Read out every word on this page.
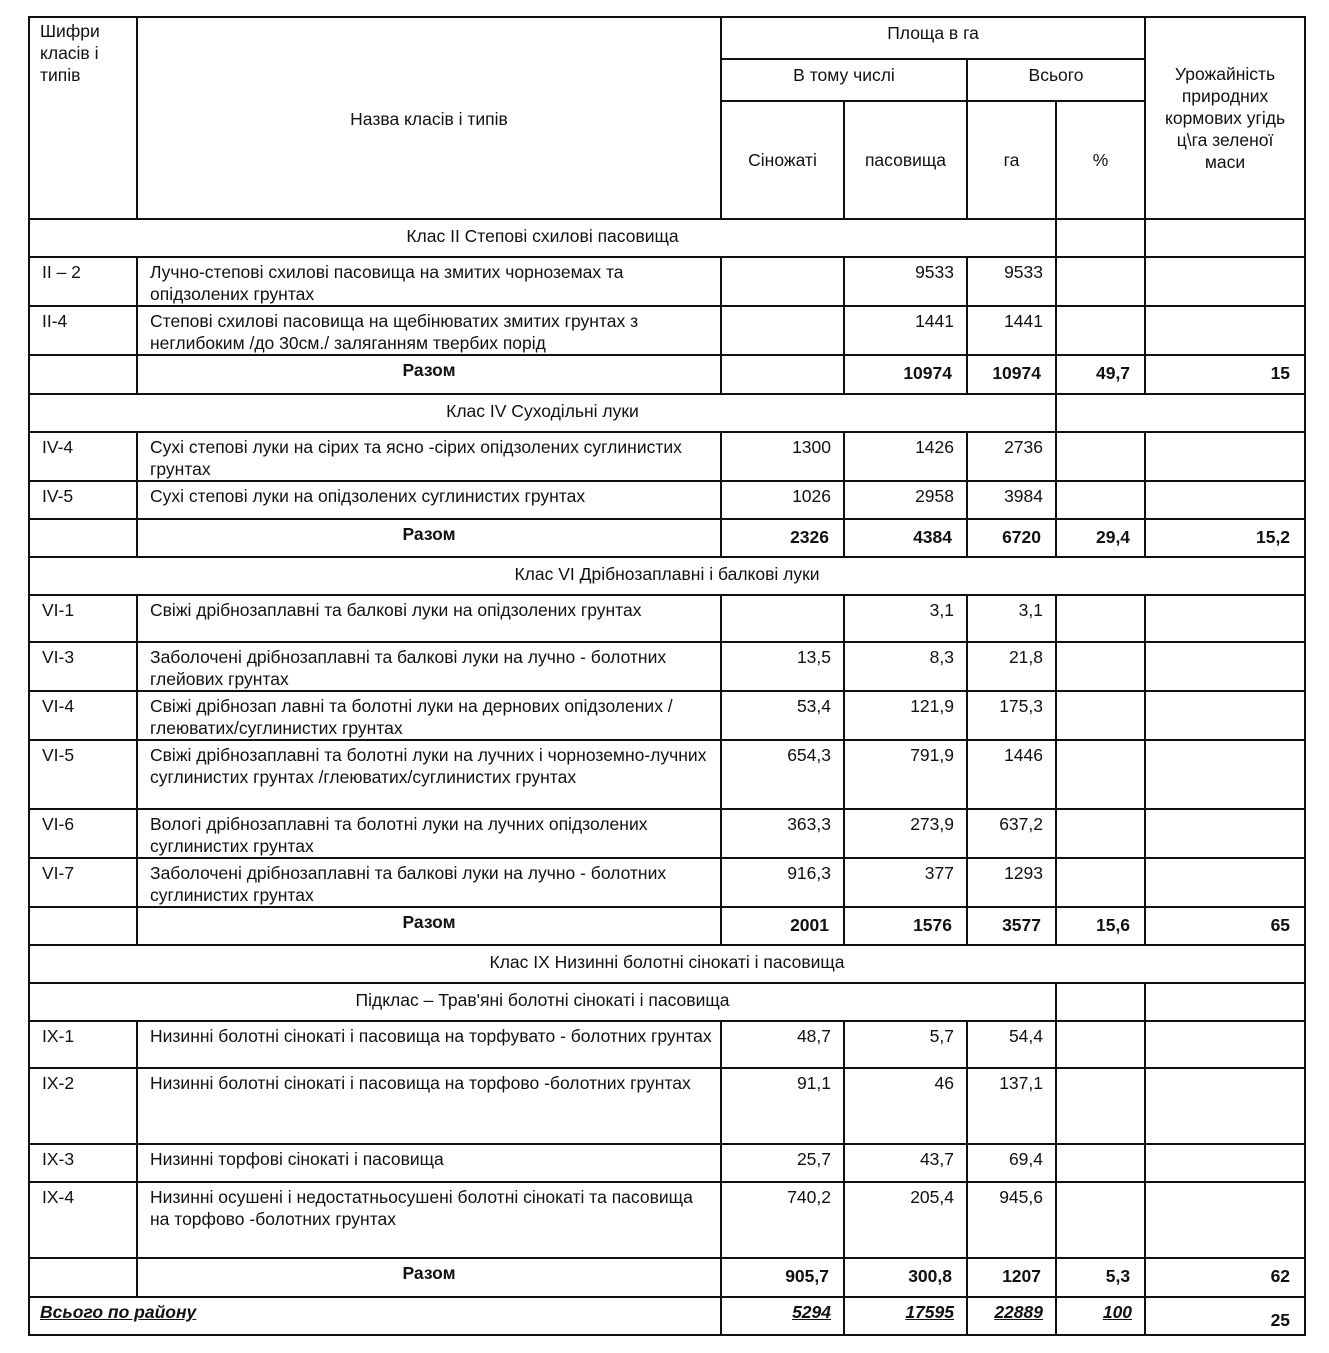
Шифри класів і типів	Назва класів і типів	Площа в га				Урожайність природних кормових угідь ц\га зеленої маси
		В тому числі		Всього		
		Сіножаті	пасовища	га	%	
Клас II Степові схилові пасовища						
II – 2	Лучно-степові схилові пасовища на змитих чорноземах та опідзолених грунтах		9533	9533		
II-4	Степові схилові пасовища на щебінюватих змитих грунтах з неглибоким /до 30см./ заляганням твербих порід		1441	1441		
	Разом		10974	10974	49,7	15
Клас IV Суходільні луки						
IV-4	Сухі степові луки на сірих та ясно -сірих опідзолених суглинистих грунтах	1300	1426	2736		
IV-5	Сухі степові луки на опідзолених суглинистих грунтах	1026	2958	3984		
	Разом	2326	4384	6720	29,4	15,2
Клас VI Дрібнозаплавні і балкові луки						
VI-1	Свіжі дрібнозаплавні та балкові луки на опідзолених грунтах		3,1	3,1		
VI-3	Заболочені дрібнозаплавні та балкові луки на лучно - болотних глейових грунтах	13,5	8,3	21,8		
VI-4	Свіжі дрібнозап лавні та болотні луки на дернових опідзолених /глеюватих/суглинистих грунтах	53,4	121,9	175,3		
VI-5	Свіжі дрібнозаплавні та болотні луки на лучних і чорноземно-лучних суглинистих грунтах /глеюватих/суглинистих грунтах	654,3	791,9	1446		
VI-6	Вологі дрібнозаплавні та болотні луки на лучних опідзолених суглинистих грунтах	363,3	273,9	637,2		
VI-7	Заболочені дрібнозаплавні та балкові луки на лучно - болотних суглинистих грунтах	916,3	377	1293		
	Разом	2001	1576	3577	15,6	65
Клас IX Низинні болотні сінокаті і пасовища						
Підклас – Трав'яні болотні сінокаті і пасовища						
IX-1	Низинні болотні сінокаті і пасовища на торфувато - болотних грунтах	48,7	5,7	54,4		
IX-2	Низинні болотні сінокаті і пасовища на торфово -болотних грунтах	91,1	46	137,1		
IX-3	Низинні торфові сінокаті і пасовища	25,7	43,7	69,4		
IX-4	Низинні осушені і недостатньосушені болотні сінокаті та пасовища на торфово -болотних грунтах	740,2	205,4	945,6		
	Разом	905,7	300,8	1207	5,3	62
Всього по району		5294	17595	22889	100	25
